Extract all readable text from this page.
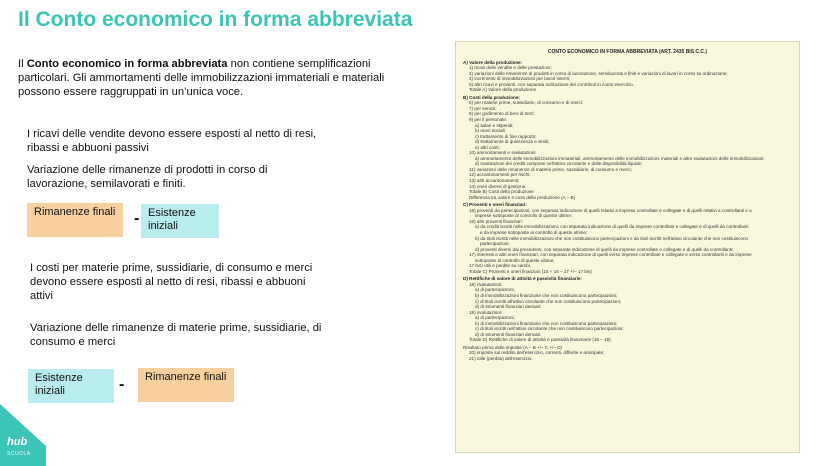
Il Conto economico in forma abbreviata
Il Conto economico in forma abbreviata non contiene semplificazioni particolari. Gli ammortamenti delle immobilizzazioni immateriali e materiali possono essere raggruppati in un’unica voce.
I ricavi delle vendite devono essere esposti al netto di resi, ribassi e abbuoni passivi
Variazione delle rimanenze di prodotti in corso di lavorazione, semilavorati e finiti.
Rimanenze finali	- Esistenze iniziali
I costi per materie prime, sussidiarie, di consumo e merci devono essere esposti al netto di resi, ribassi e abbuoni attivi
Variazione delle rimanenze di materie prime, sussidiarie, di consumo e merci
Esistenze iniziali	-	Rimanenze finali
CONTO ECONOMICO IN FORMA ABBREVIATA (ART. 2435 BIS C.C.)
A) Valore della produzione:
1) ricavi delle vendite e delle prestazioni;
2) variazioni delle rimanenze di prodotti in corso di lavorazione, semilavorati e finiti e variazioni di lavori in corso su ordinazione;
4) incrementi di immobilizzazioni per lavori interni;
5) altri ricavi e proventi, con separata indicazione dei contributi in conto esercizio.
Totale A) Valore della produzione
B) Costi della produzione:
6) per materie prime, sussidiarie, di consumo e di merci;
7) per servizi;
8) per godimento di beni di terzi;
9) per il personale:
a) salari e stipendi;
b) oneri sociali;
c) trattamento di fine rapporto;
d) trattamento di quiescenza e simili;
e) altri costi;
10) ammortamenti e svalutazioni:
a) ammortamento delle immobilizzazioni immateriali, ammortamento delle immobilizzazioni materiali e altre svalutazioni delle immobilizzazioni;
d) svalutazioni dei crediti compresi nell'attivo circolante e delle disponibilità liquide;
11) variazioni delle rimanenze di materie prime, sussidiarie, di consumo e merci;
12) accantonamenti per rischi;
13) altri accantonamenti;
14) oneri diversi di gestione.
Totale B) Costi della produzione
Differenza tra valore e costi della produzione (A – B)
C) Proventi e oneri finanziari:
15) proventi da partecipazioni, con separata indicazione di quelli relativi a imprese controllate e collegate e di quelli relativi a controllanti e a
imprese sottoposte al controllo di queste ultime;
16) altri proventi finanziari:
a) da crediti iscritti nelle immobilizzazioni, con separata indicazione di quelli da imprese controllate e collegate e di quelli da controllanti
e da imprese sottoposte al controllo di queste ultime;
b) da titoli iscritti nelle immobilizzazioni che non costituiscono partecipazioni e da titoli iscritti nell'attivo circolante che non costituiscono
partecipazioni;
d) proventi diversi dai precedenti, con separata indicazione di quelli da imprese controllate e collegate e di quelli da controllanti;
17) interessi e altri oneri finanziari, con separata indicazione di quelli verso imprese controllate e collegate e verso controllanti e da imprese
sottoposte al controllo di queste ultime;
17 bis) utili e perdite su cambi.
Totale C) Proventi e oneri finanziari (15 + 16 – 17 +/– 17 bis)
D) Rettifiche di valore di attività e passività finanziarie:
18) rivalutazioni:
a) di partecipazioni;
b) di immobilizzazioni finanziarie che non costituiscono partecipazioni;
c) di titoli iscritti all'attivo circolante che non costituiscono partecipazioni;
d) di strumenti finanziari derivati;
19) svalutazioni:
a) di partecipazioni;
b) di immobilizzazioni finanziarie che non costituiscono partecipazioni;
c) di titoli iscritti nell'attivo circolante che non costituiscono partecipazioni;
d) di strumenti finanziari derivati.
Totale D) Rettifiche di valore di attività e passività finanziarie (18 – 19)
Risultato prima delle imposte (A – B +/– C +/– D)
20) imposte sul reddito dell'esercizio, correnti, differite e anticipate;
21) utile (perdita) dell'esercizio.
hub
SCUOLA
